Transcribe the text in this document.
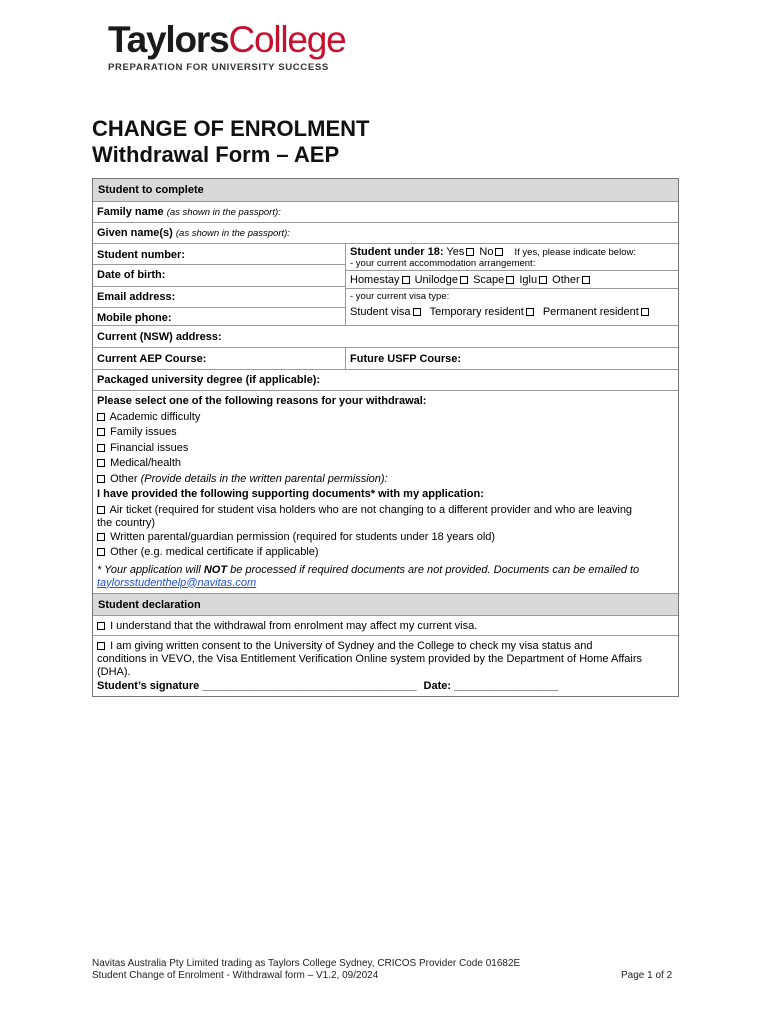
TaylorsCollege
PREPARATION FOR UNIVERSITY SUCCESS
CHANGE OF ENROLMENT
Withdrawal Form – AEP
Student to complete
Family name (as shown in the passport):
Given name(s) (as shown in the passport):
Student number:
Date of birth:
Email address:
Mobile phone:
Student under 18: Yes No If yes, please indicate below:
- your current accommodation arrangement:
Homestay Unilodge Scape Iglu Other
- your current visa type:
Student visa Temporary resident Permanent resident
Current (NSW) address:
Current AEP Course:	Future USFP Course:
Packaged university degree (if applicable):
Please select one of the following reasons for your withdrawal:
Academic difficulty
Family issues
Financial issues
Medical/health
Other (Provide details in the written parental permission):
I have provided the following supporting documents* with my application:
Air ticket (required for student visa holders who are not changing to a different provider and who are leaving
the country)
Written parental/guardian permission (required for students under 18 years old)
Other (e.g. medical certificate if applicable)
* Your application will NOT be processed if required documents are not provided. Documents can be emailed to
taylorsstudenthelp@navitas.com
Student declaration
I understand that the withdrawal from enrolment may affect my current visa.
I am giving written consent to the University of Sydney and the College to check my visa status and
conditions in VEVO, the Visa Entitlement Verification Online system provided by the Department of Home Affairs
(DHA).
Student’s signature ___________________________________ Date: _________________
Navitas Australia Pty Limited trading as Taylors College Sydney, CRICOS Provider Code 01682E
Student Change of Enrolment - Withdrawal form – V1.2, 09/2024	Page 1 of 2
